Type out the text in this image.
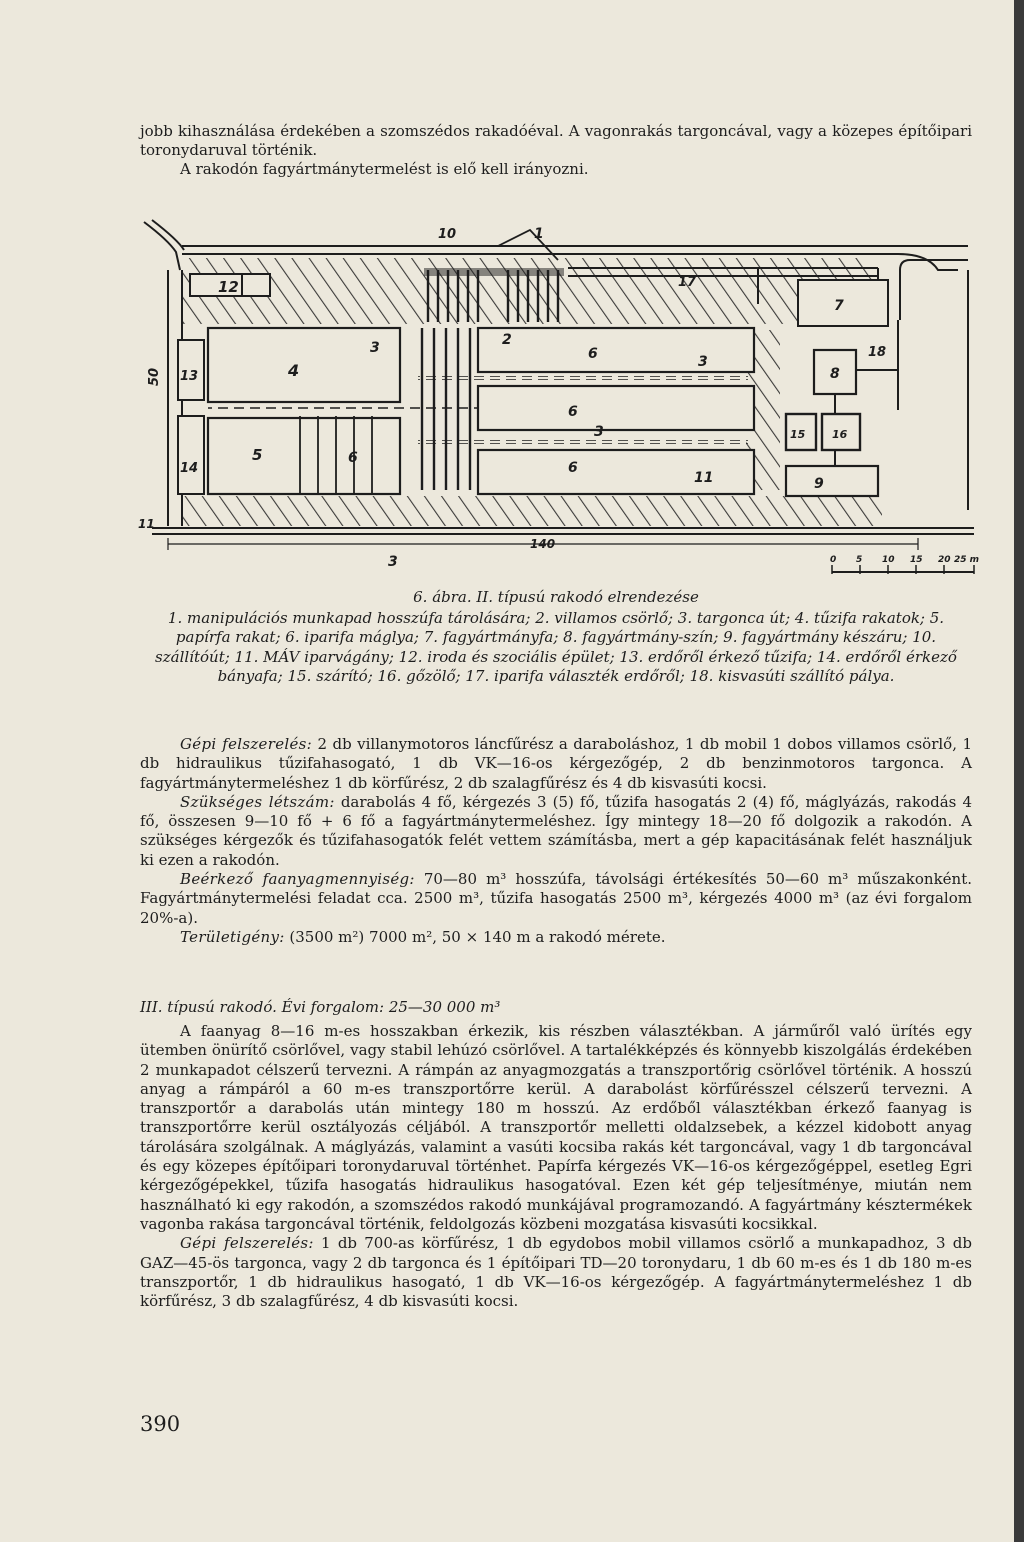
jobb kihasználása érdekében a szomszédos rakadóéval. A vagonrakás targoncával, vagy a közepes építőipari toronydaruval történik.

A rakodón fagyártmánytermelést is elő kell irányozni.

12
13
14
50	4
3
5	6
10	1
2
6	3
6
3
6
11
17
7
8
18
15 16
9
140
3
11
0 5 10 15 20 25 m
6. ábra. II. típusú rakodó elrendezése
1. manipulációs munkapad hosszúfa tárolására; 2. villamos csörlő; 3. targonca út; 4. tűzifa rakatok; 5. papírfa rakat; 6. iparifa máglya; 7. fagyártmányfa; 8. fagyártmány-szín; 9. fagyártmány készáru; 10. szállítóút; 11. MÁV iparvágány; 12. iroda és szociális épület; 13. erdőről érkező tűzifa; 14. erdőről érkező bányafa; 15. szárító; 16. gőzölő; 17. iparifa választék erdőről; 18. kisvasúti szállító pálya.

Gépi felszerelés: 2 db villanymotoros láncfűrész a daraboláshoz, 1 db mobil 1 dobos villamos csörlő, 1 db hidraulikus tűzifahasogató, 1 db VK—16-os kérgezőgép, 2 db benzinmotoros targonca. A fagyártmánytermeléshez 1 db körfűrész, 2 db szalagfűrész és 4 db kisvasúti kocsi.

Szükséges létszám: darabolás 4 fő, kérgezés 3 (5) fő, tűzifa hasogatás 2 (4) fő, máglyázás, rakodás 4 fő, összesen 9—10 fő + 6 fő a fagyártmánytermeléshez. Így mintegy 18—20 fő dolgozik a rakodón. A szükséges kérgezők és tűzifahasogatók felét vettem számításba, mert a gép kapacitásának felét használjuk ki ezen a rakodón.

Beérkező faanyagmennyiség: 70—80 m³ hosszúfa, távolsági értékesítés 50—60 m³ műszakonként. Fagyártmánytermelési feladat cca. 2500 m³, tűzifa hasogatás 2500 m³, kérgezés 4000 m³ (az évi forgalom 20%-a).

Területigény: (3500 m²) 7000 m², 50 × 140 m a rakodó mérete.

III. típusú rakodó. Évi forgalom: 25—30 000 m³

A faanyag 8—16 m-es hosszakban érkezik, kis részben választékban. A járműről való ürítés egy ütemben önürítő csörlővel, vagy stabil lehúzó csörlővel. A tartalékképzés és könnyebb kiszolgálás érdekében 2 munkapadot célszerű tervezni. A rámpán az anyagmozgatás a transzportőrig csörlővel történik. A hosszú anyag a rámpáról a 60 m-es transzportőrre kerül. A darabolást körfűrésszel célszerű tervezni. A transzportőr a darabolás után mintegy 180 m hosszú. Az erdőből választékban érkező faanyag is transzportőrre kerül osztályozás céljából. A transzportőr melletti oldalzsebek, a kézzel kidobott anyag tárolására szolgálnak. A máglyázás, valamint a vasúti kocsiba rakás két targoncával, vagy 1 db targoncával és egy közepes építőipari toronydaruval történhet. Papírfa kérgezés VK—16-os kérgezőgéppel, esetleg Egri kérgezőgépekkel, tűzifa hasogatás hidraulikus hasogatóval. Ezen két gép teljesítménye, miután nem használható ki egy rakodón, a szomszédos rakodó munkájával programozandó. A fagyártmány késztermékek vagonba rakása targoncával történik, feldolgozás közbeni mozgatása kisvasúti kocsikkal.

Gépi felszerelés: 1 db 700-as körfűrész, 1 db egydobos mobil villamos csörlő a munkapadhoz, 3 db GAZ—45-ös targonca, vagy 2 db targonca és 1 építőipari TD—20 toronydaru, 1 db 60 m-es és 1 db 180 m-es transzportőr, 1 db hidraulikus hasogató, 1 db VK—16-os kérgezőgép. A fagyártmánytermeléshez 1 db körfűrész, 3 db szalagfűrész, 4 db kisvasúti kocsi.

390
